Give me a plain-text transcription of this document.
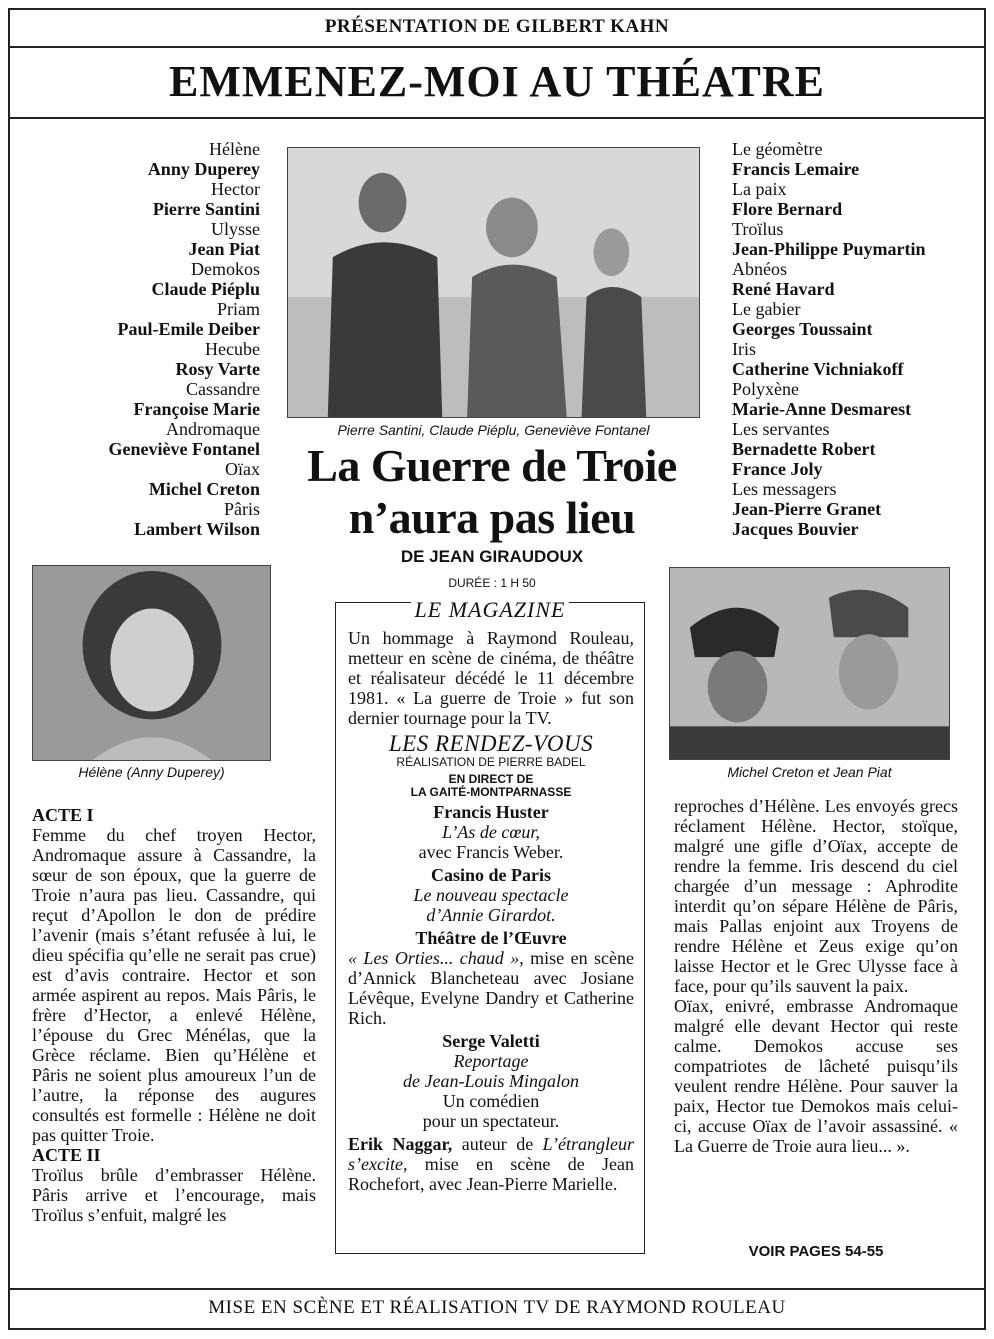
PRÉSENTATION DE GILBERT KAHN
EMMENEZ-MOI AU THÉATRE
Hélène
Anny Duperey
Hector
Pierre Santini
Ulysse
Jean Piat
Demokos
Claude Piéplu
Priam
Paul-Emile Deiber
Hecube
Rosy Varte
Cassandre
Françoise Marie
Andromaque
Geneviève Fontanel
Oïax
Michel Creton
Pâris
Lambert Wilson
Le géomètre
Francis Lemaire
La paix
Flore Bernard
Troïlus
Jean-Philippe Puymartin
Abnéos
René Havard
Le gabier
Georges Toussaint
Iris
Catherine Vichniakoff
Polyxène
Marie-Anne Desmarest
Les servantes
Bernadette Robert
France Joly
Les messagers
Jean-Pierre Granet
Jacques Bouvier
Pierre Santini, Claude Piéplu, Geneviève Fontanel
La Guerre de Troie
n’aura pas lieu
DE JEAN GIRAUDOUX
DURÉE : 1 H 50
Hélène (Anny Duperey)	Michel Creton et Jean Piat
LE MAGAZINE
Un hommage à Raymond Rouleau, metteur en scène de cinéma, de théâtre et réalisateur décédé le 11 décembre 1981. « La guerre de Troie » fut son dernier tournage pour la TV.
LES RENDEZ-VOUS
RÉALISATION DE PIERRE BADEL
EN DIRECT DE
LA GAITÉ-MONTPARNASSE
Francis Huster
L’As de cœur,
avec Francis Weber.
Casino de Paris
Le nouveau spectacle
d’Annie Girardot.
Théâtre de l’Œuvre
« Les Orties... chaud », mise en scène d’Annick Blancheteau avec Josiane Lévêque, Evelyne Dandry et Catherine Rich.
Serge Valetti
Reportage
de Jean-Louis Mingalon
Un comédien
pour un spectateur.
Erik Naggar, auteur de L’étrangleur s’excite, mise en scène de Jean Rochefort, avec Jean-Pierre Marielle.
ACTE I
Femme du chef troyen Hector, Andromaque assure à Cassandre, la sœur de son époux, que la guerre de Troie n’aura pas lieu. Cassandre, qui reçut d’Apollon le don de prédire l’avenir (mais s’étant refusée à lui, le dieu spécifia qu’elle ne serait pas crue) est d’avis contraire. Hector et son armée aspirent au repos. Mais Pâris, le frère d’Hector, a enlevé Hélène, l’épouse du Grec Ménélas, que la Grèce réclame. Bien qu’Hélène et Pâris ne soient plus amoureux l’un de l’autre, la réponse des augures consultés est formelle : Hélène ne doit pas quitter Troie.
ACTE II
Troïlus brûle d’embrasser Hélène. Pâris arrive et l’encourage, mais Troïlus s’enfuit, malgré les
reproches d’Hélène. Les envoyés grecs réclament Hélène. Hector, stoïque, malgré une gifle d’Oïax, accepte de rendre la femme. Iris descend du ciel chargée d’un message : Aphrodite interdit qu’on sépare Hélène de Pâris, mais Pallas enjoint aux Troyens de rendre Hélène et Zeus exige qu’on laisse Hector et le Grec Ulysse face à face, pour qu’ils sauvent la paix.
Oïax, enivré, embrasse Andromaque malgré elle devant Hector qui reste calme. Demokos accuse ses compatriotes de lâcheté puisqu’ils veulent rendre Hélène. Pour sauver la paix, Hector tue Demokos mais celui-ci, accuse Oïax de l’avoir assassiné. « La Guerre de Troie aura lieu... ».
VOIR PAGES 54-55
MISE EN SCÈNE ET RÉALISATION TV DE RAYMOND ROULEAU
